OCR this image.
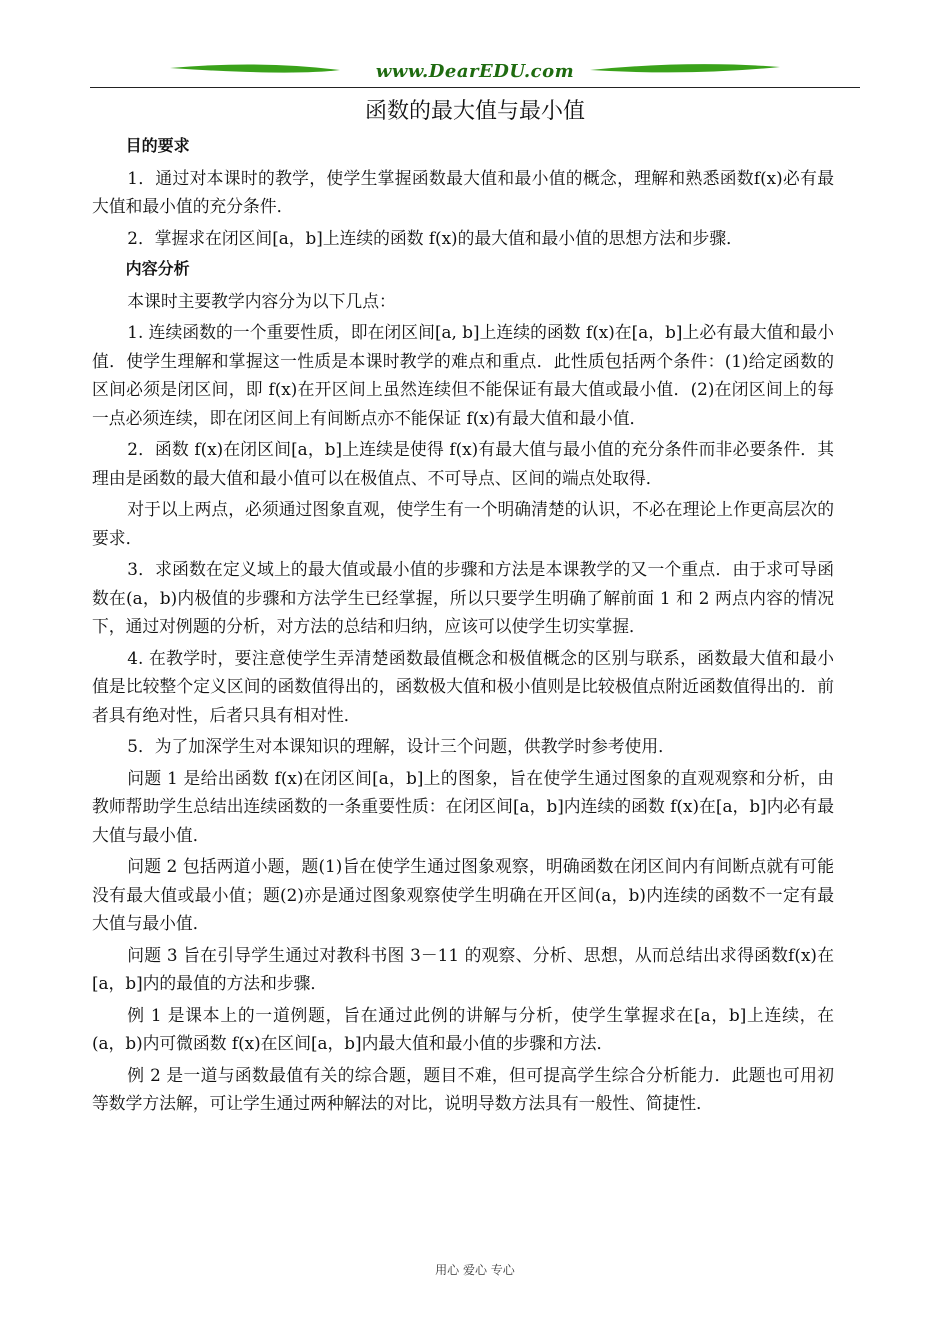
www.DearEDU.com
函数的最大值与最小值

目的要求

1．通过对本课时的教学，使学生掌握函数最大值和最小值的概念，理解和熟悉函数f(x)必有最大值和最小值的充分条件．

2．掌握求在闭区间[a，b]上连续的函数 f(x)的最大值和最小值的思想方法和步骤．

内容分析

本课时主要教学内容分为以下几点：

1. 连续函数的一个重要性质，即在闭区间[a, b]上连续的函数 f(x)在[a，b]上必有最大值和最小值．使学生理解和掌握这一性质是本课时教学的难点和重点．此性质包括两个条件：(1)给定函数的区间必须是闭区间，即 f(x)在开区间上虽然连续但不能保证有最大值或最小值．(2)在闭区间上的每一点必须连续，即在闭区间上有间断点亦不能保证 f(x)有最大值和最小值．

2．函数 f(x)在闭区间[a，b]上连续是使得 f(x)有最大值与最小值的充分条件而非必要条件．其理由是函数的最大值和最小值可以在极值点、不可导点、区间的端点处取得．

对于以上两点，必须通过图象直观，使学生有一个明确清楚的认识，不必在理论上作更高层次的要求．

3．求函数在定义域上的最大值或最小值的步骤和方法是本课教学的又一个重点．由于求可导函数在(a，b)内极值的步骤和方法学生已经掌握，所以只要学生明确了解前面 1 和 2 两点内容的情况下，通过对例题的分析，对方法的总结和归纳，应该可以使学生切实掌握．

4. 在教学时，要注意使学生弄清楚函数最值概念和极值概念的区别与联系，函数最大值和最小值是比较整个定义区间的函数值得出的，函数极大值和极小值则是比较极值点附近函数值得出的．前者具有绝对性，后者只具有相对性．

5．为了加深学生对本课知识的理解，设计三个问题，供教学时参考使用．

问题 1 是给出函数 f(x)在闭区间[a，b]上的图象，旨在使学生通过图象的直观观察和分析，由教师帮助学生总结出连续函数的一条重要性质：在闭区间[a，b]内连续的函数 f(x)在[a，b]内必有最大值与最小值．

问题 2 包括两道小题，题(1)旨在使学生通过图象观察，明确函数在闭区间内有间断点就有可能没有最大值或最小值；题(2)亦是通过图象观察使学生明确在开区间(a，b)内连续的函数不一定有最大值与最小值．

问题 3 旨在引导学生通过对教科书图 3－11 的观察、分析、思想，从而总结出求得函数f(x)在[a，b]内的最值的方法和步骤．

例 1 是课本上的一道例题，旨在通过此例的讲解与分析，使学生掌握求在[a，b]上连续，在(a，b)内可微函数 f(x)在区间[a，b]内最大值和最小值的步骤和方法．

例 2 是一道与函数最值有关的综合题，题目不难，但可提高学生综合分析能力．此题也可用初等数学方法解，可让学生通过两种解法的对比，说明导数方法具有一般性、简捷性．

用心 爱心 专心
